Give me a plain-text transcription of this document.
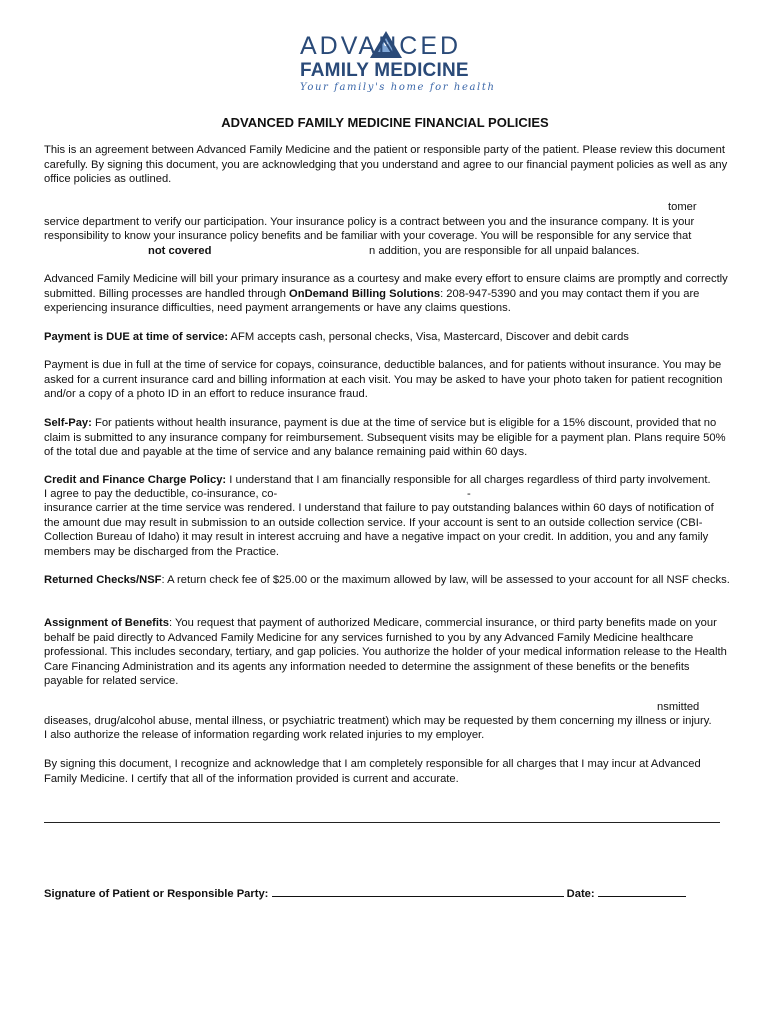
ADVANCED
FAMILY MEDICINE
Your family's home for health
ADVANCED FAMILY MEDICINE FINANCIAL POLICIES

This is an agreement between Advanced Family Medicine and the patient or responsible party of the patient. Please review this document carefully. By signing this document, you are acknowledging that you understand and agree to our financial payment policies as well as any office policies as outlined.

tomer
service department to verify our participation. Your insurance policy is a contract between you and the insurance company. It is your
responsibility to know your insurance policy benefits and be familiar with your coverage. You will be responsible for any service that
not covered	n addition, you are responsible for all unpaid balances.

Advanced Family Medicine will bill your primary insurance as a courtesy and make every effort to ensure claims are promptly and correctly submitted. Billing processes are handled through OnDemand Billing Solutions: 208-947-5390 and you may contact them if you are experiencing insurance difficulties, need payment arrangements or have any claims questions.

Payment is DUE at time of service: AFM accepts cash, personal checks, Visa, Mastercard, Discover and debit cards

Payment is due in full at the time of service for copays, coinsurance, deductible balances, and for patients without insurance. You may be asked for a current insurance card and billing information at each visit. You may be asked to have your photo taken for patient recognition and/or a copy of a photo ID in an effort to reduce insurance fraud.

Self-Pay: For patients without health insurance, payment is due at the time of service but is eligible for a 15% discount, provided that no claim is submitted to any insurance company for reimbursement. Subsequent visits may be eligible for a payment plan. Plans require 50% of the total due and payable at the time of service and any balance remaining paid within 60 days.

Credit and Finance Charge Policy: I understand that I am financially responsible for all charges regardless of third party involvement.
I agree to pay the deductible, co-insurance, co-	-

insurance carrier at the time service was rendered. I understand that failure to pay outstanding balances within 60 days of notification of the amount due may result in submission to an outside collection service. If your account is sent to an outside collection service (CBI-Collection Bureau of Idaho) it may result in interest accruing and have a negative impact on your credit. In addition, you and any family members may be discharged from the Practice.

Returned Checks/NSF: A return check fee of $25.00 or the maximum allowed by law, will be assessed to your account for all NSF checks.

Assignment of Benefits: You request that payment of authorized Medicare, commercial insurance, or third party benefits made on your behalf be paid directly to Advanced Family Medicine for any services furnished to you by any Advanced Family Medicine healthcare professional. This includes secondary, tertiary, and gap policies. You authorize the holder of your medical information release to the Health Care Financing Administration and its agents any information needed to determine the assignment of these benefits or the benefits payable for related service.

nsmitted
diseases, drug/alcohol abuse, mental illness, or psychiatric treatment) which may be requested by them concerning my illness or injury.
I also authorize the release of information regarding work related injuries to my employer.

By signing this document, I recognize and acknowledge that I am completely responsible for all charges that I may incur at Advanced Family Medicine. I certify that all of the information provided is current and accurate.

Signature of Patient or Responsible Party:	Date:
